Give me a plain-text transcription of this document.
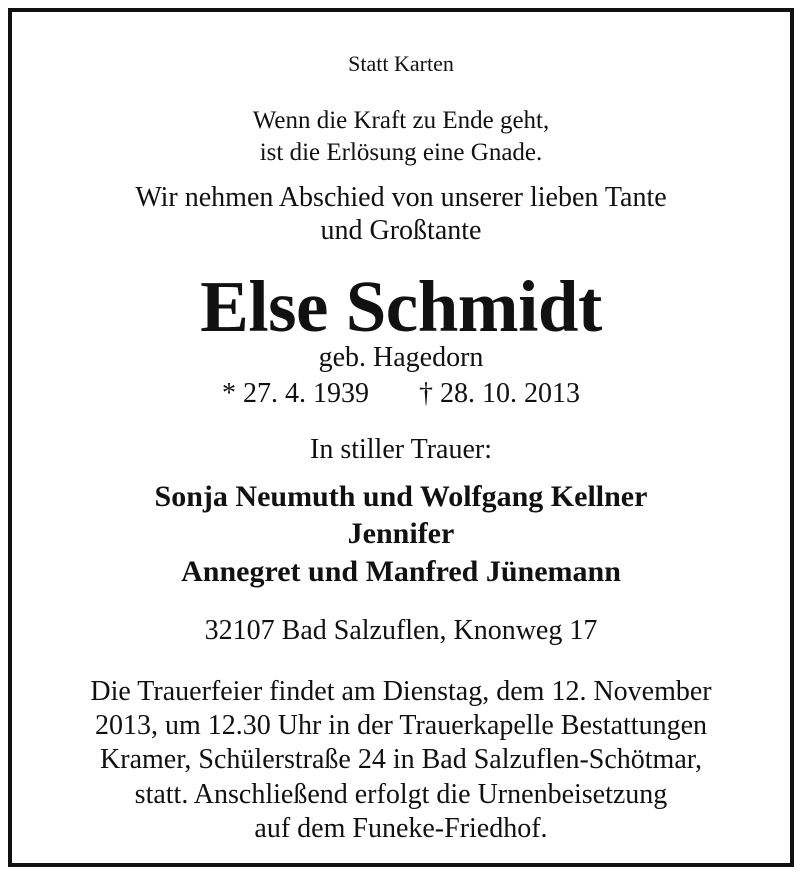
Statt Karten
Wenn die Kraft zu Ende geht,
ist die Erlösung eine Gnade.
Wir nehmen Abschied von unserer lieben Tante
und Großtante
Else Schmidt
geb. Hagedorn
* 27. 4. 1939 † 28. 10. 2013
In stiller Trauer:
Sonja Neumuth und Wolfgang Kellner
Jennifer
Annegret und Manfred Jünemann
32107 Bad Salzuflen, Knonweg 17
Die Trauerfeier findet am Dienstag, dem 12. November
2013, um 12.30 Uhr in der Trauerkapelle Bestattungen
Kramer, Schülerstraße 24 in Bad Salzuflen-Schötmar,
statt. Anschließend erfolgt die Urnenbeisetzung
auf dem Funeke-Friedhof.
